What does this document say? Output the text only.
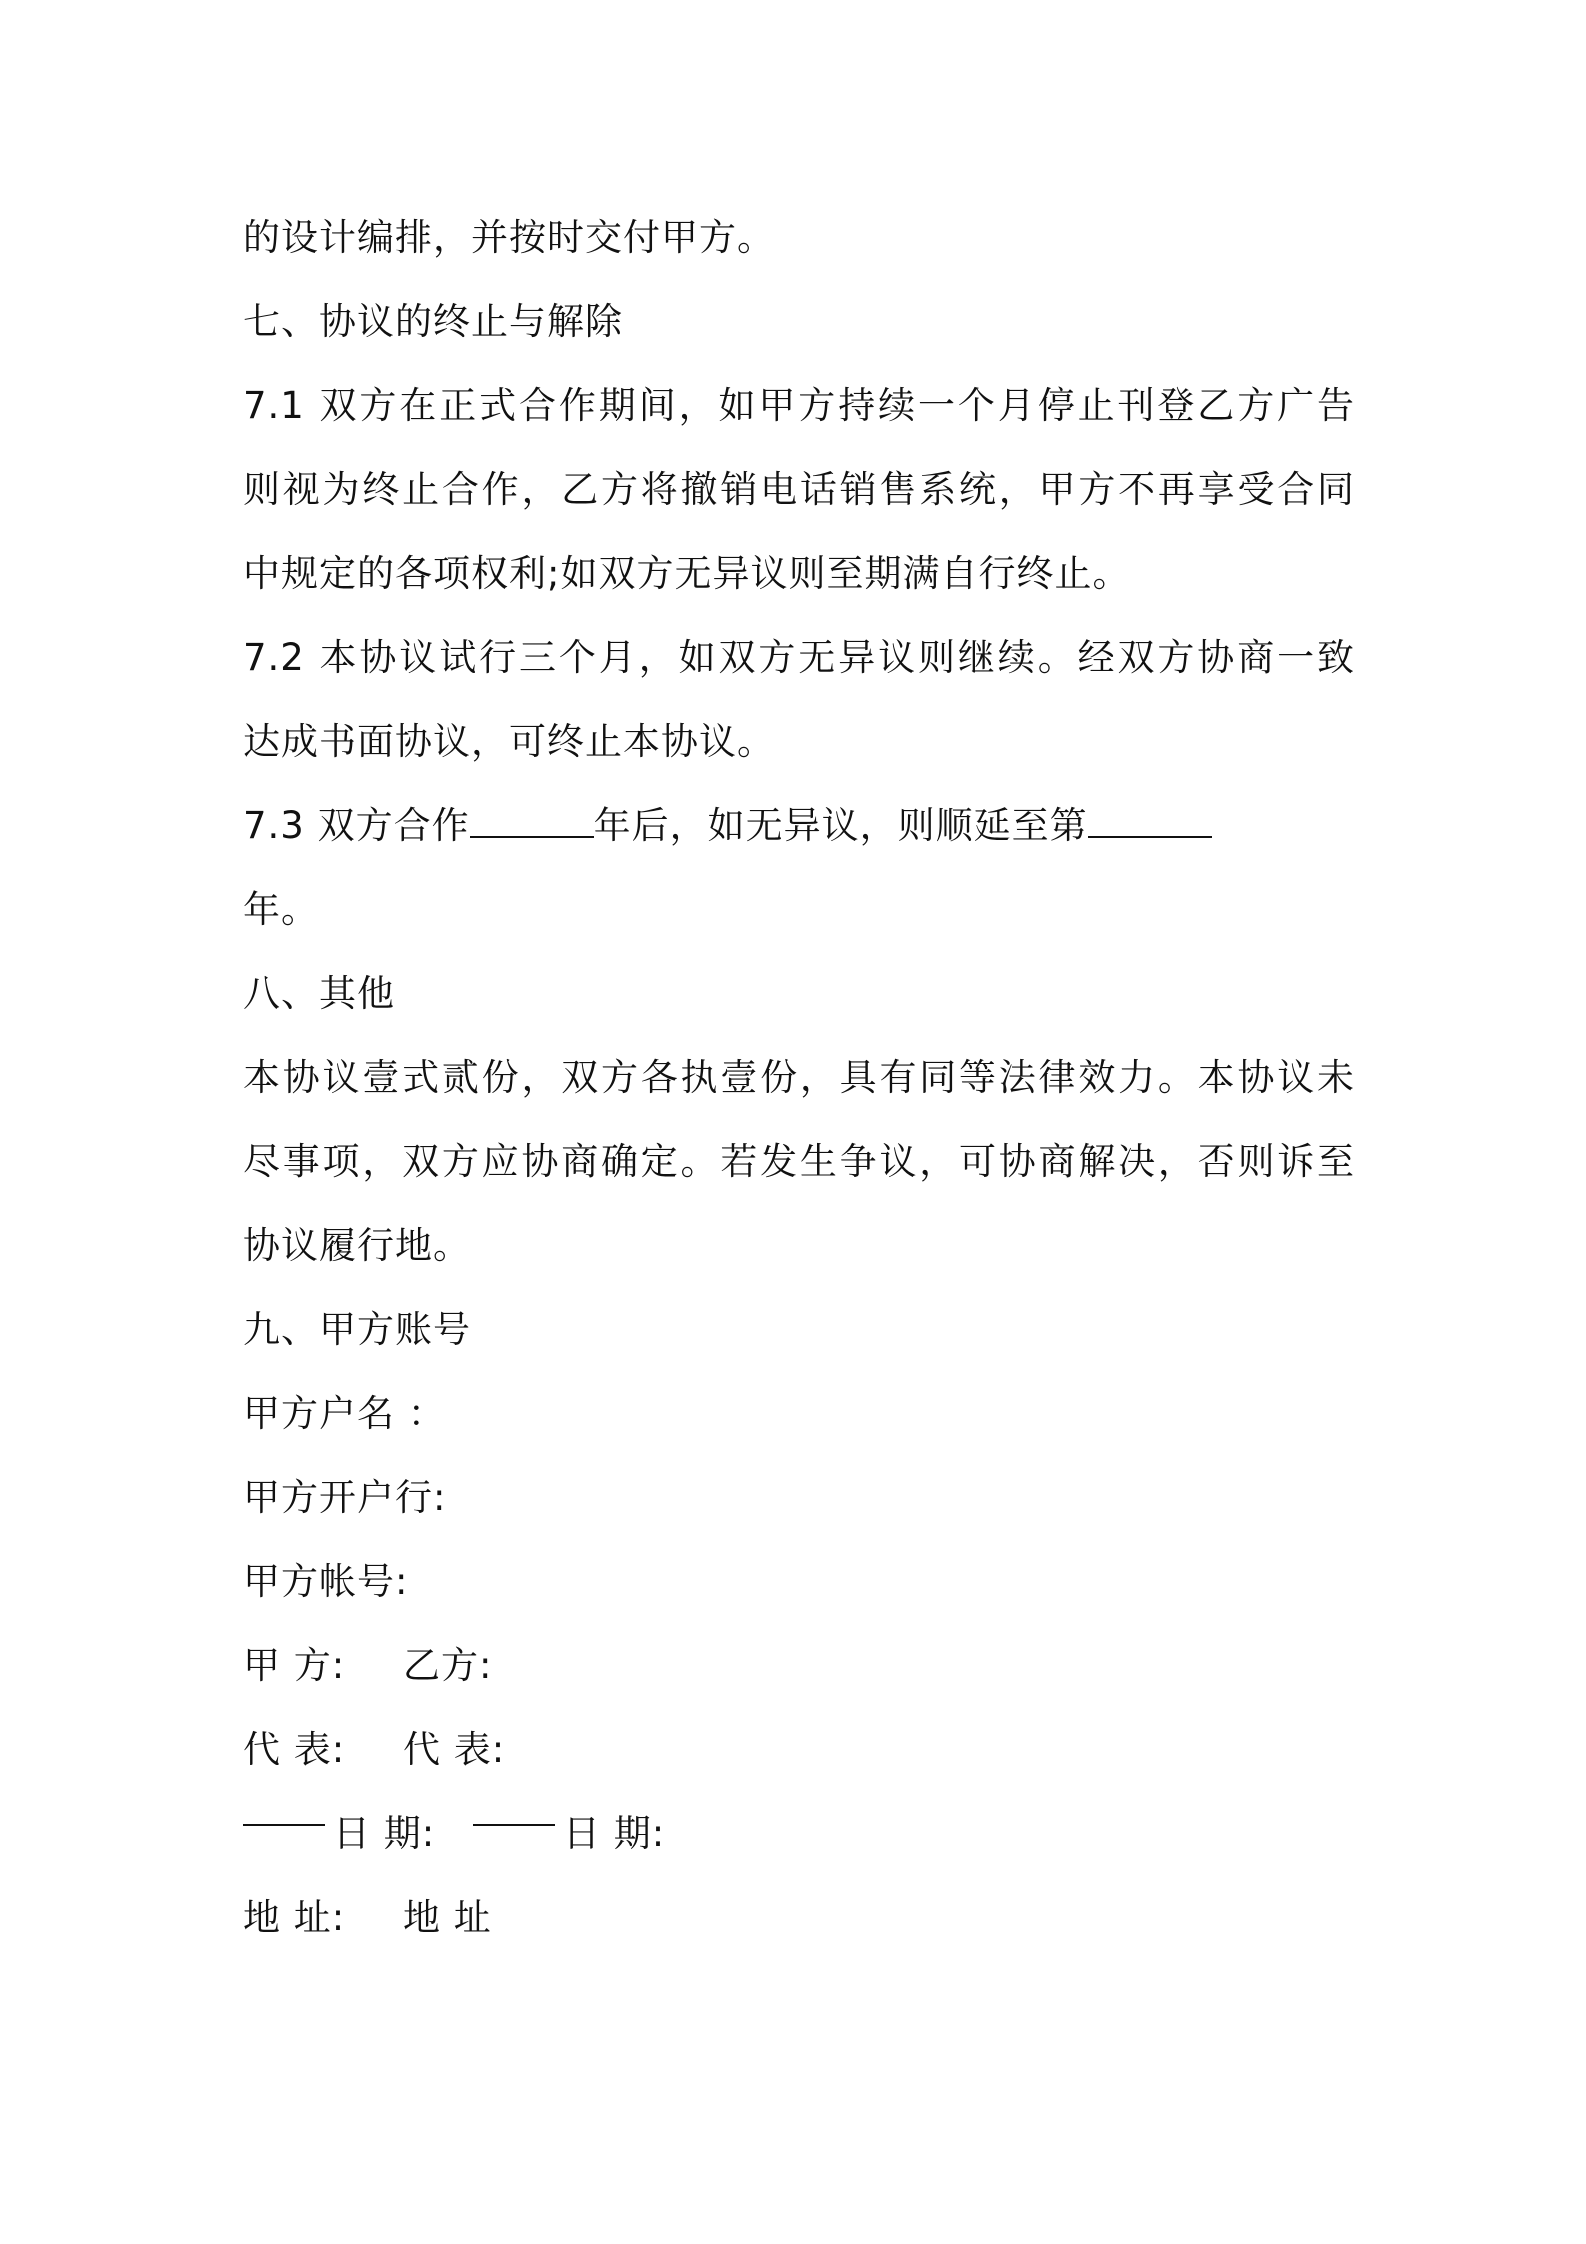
的设计编排，并按时交付甲方。
七、协议的终止与解除
7.1 双方在正式合作期间，如甲方持续一个月停止刊登乙方广告
则视为终止合作，乙方将撤销电话销售系统，甲方不再享受合同
中规定的各项权利;如双方无异议则至期满自行终止。
7.2 本协议试行三个月，如双方无异议则继续。经双方协商一致
达成书面协议，可终止本协议。
7.3 双方合作	年后，如无异议，则顺延至第
年。
八、其他
本协议壹式贰份，双方各执壹份，具有同等法律效力。本协议未
尽事项，双方应协商确定。若发生争议，可协商解决，否则诉至
协议履行地。
九、甲方账号
甲方户名 ：
甲方开户行:
甲方帐号:
甲 方:	乙方:
代 表:	代 表:
日 期:	日 期:
地 址:	地 址
